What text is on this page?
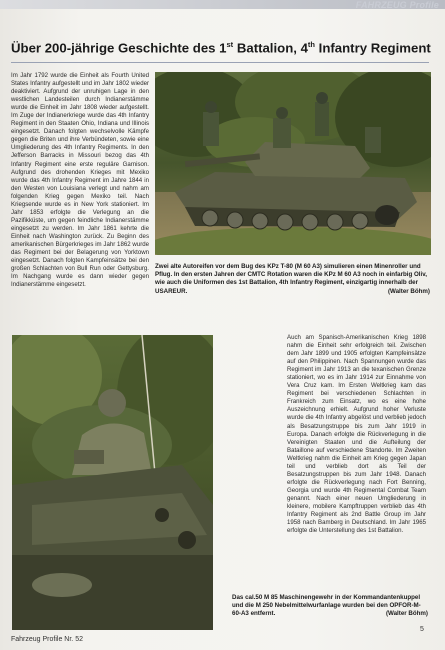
FAHRZEUG Profile
Über 200-jährige Geschichte des 1st Battalion, 4th Infantry Regiment

Im Jahr 1792 wurde die Einheit als Fourth United States Infantry aufgestellt und im Jahr 1802 wieder deaktiviert. Aufgrund der unruhigen Lage in den westlichen Landesteilen durch Indianerstämme wurde die Einheit im Jahr 1808 wieder aufgestellt. Im Zuge der Indianerkriege wurde das 4th Infantry Regiment in den Staaten Ohio, Indiana und Illinois eingesetzt. Danach folgten wechselvolle Kämpfe gegen die Briten und ihre Verbündeten, sowie eine Umgliederung des 4th Infantry Regiments. In den Jefferson Barracks in Missouri bezog das 4th Infantry Regiment eine erste reguläre Garnison. Aufgrund des drohenden Krieges mit Mexiko wurde das 4th Infantry Regiment im Jahre 1844 in den Westen von Louisiana verlegt und nahm am folgenden Krieg gegen Mexiko teil. Nach Kriegsende wurde es in New York stationiert. Im Jahr 1853 erfolgte die Verlegung an die Pazifikküste, um gegen feindliche Indianerstämme eingesetzt zu werden. Im Jahr 1861 kehrte die Einheit nach Washington zurück. Zu Beginn des amerikanischen Bürgerkrieges im Jahr 1862 wurde das Regiment bei der Belagerung von Yorktown eingesetzt. Danach folgten Kampfeinsätze bei den großen Schlachten von Bull Run oder Gettysburg. Im Nachgang wurde es dann wieder gegen Indianerstämme eingesetzt.

Zwei alte Autoreifen vor dem Bug des KPz T-80 (M 60 A3) simulieren einen Minenroller und Pflug. In den ersten Jahren der CMTC Rotation waren die KPz M 60 A3 noch in einfarbig Oliv, wie auch die Uniformen des 1st Battalion, 4th Infantry Regiment, einzigartig innerhalb der USAREUR.	(Walter Böhm)

Auch am Spanisch-Amerikanischen Krieg 1898 nahm die Einheit sehr erfolgreich teil. Zwischen dem Jahr 1899 und 1905 erfolgten Kampfeinsätze auf den Philippinen. Nach Spannungen wurde das Regiment im Jahr 1913 an die texanischen Grenze stationiert, wo es im Jahr 1914 zur Einnahme von Vera Cruz kam. Im Ersten Weltkrieg kam das Regiment bei verschiedenen Schlachten in Frankreich zum Einsatz, wo es eine hohe Auszeichnung erhielt. Aufgrund hoher Verluste wurde die 4th Infantry abgelöst und verblieb jedoch als Besatzungstruppe bis zum Jahr 1919 in Europa. Danach erfolgte die Rückverlegung in die Vereinigten Staaten und die Aufteilung der Bataillone auf verschiedene Standorte. Im Zweiten Weltkrieg nahm die Einheit am Krieg gegen Japan teil und verblieb dort als Teil der Besatzungstruppen bis zum Jahr 1948. Danach erfolgte die Rückverlegung nach Fort Benning, Georgia und wurde 4th Regimental Combat Team genannt. Nach einer neuen Umgliederung in kleinere, mobilere Kampftruppen verblieb das 4th Infantry Regiment als 2nd Battle Group im Jahr 1958 nach Bamberg in Deutschland. Im Jahr 1965 erfolgte die Unterstellung des 1st Battalion.

Das cal.50 M 85 Maschinengewehr in der Kommandantenkuppel und die M 250 Nebelmittelwurfanlage wurden bei den OPFOR-M-60-A3 entfernt.	(Walter Böhm)
Fahrzeug Profile Nr. 52
5
